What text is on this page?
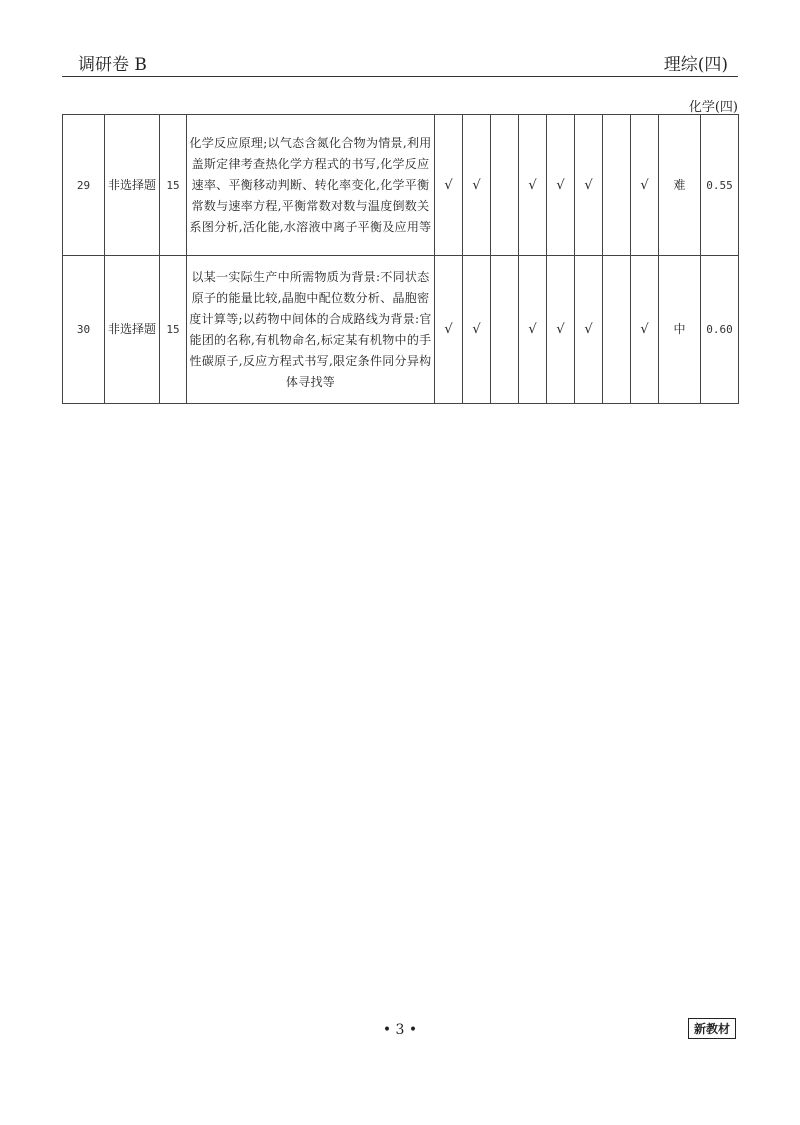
调研卷 B	理综(四)
化学(四)
29	非选择题	15	化学反应原理;以气态含氮化合物为情景,利用盖斯定律考查热化学方程式的书写,化学反应速率、平衡移动判断、转化率变化,化学平衡常数与速率方程,平衡常数对数与温度倒数关系图分析,活化能,水溶液中离子平衡及应用等	√	√		√	√	√		√	难	0.55
30	非选择题	15	以某一实际生产中所需物质为背景:不同状态原子的能量比较,晶胞中配位数分析、晶胞密度计算等;以药物中间体的合成路线为背景:官能团的名称,有机物命名,标定某有机物中的手性碳原子,反应方程式书写,限定条件同分异构体寻找等	√	√		√	√	√		√	中	0.60
• 3 •	新教材
